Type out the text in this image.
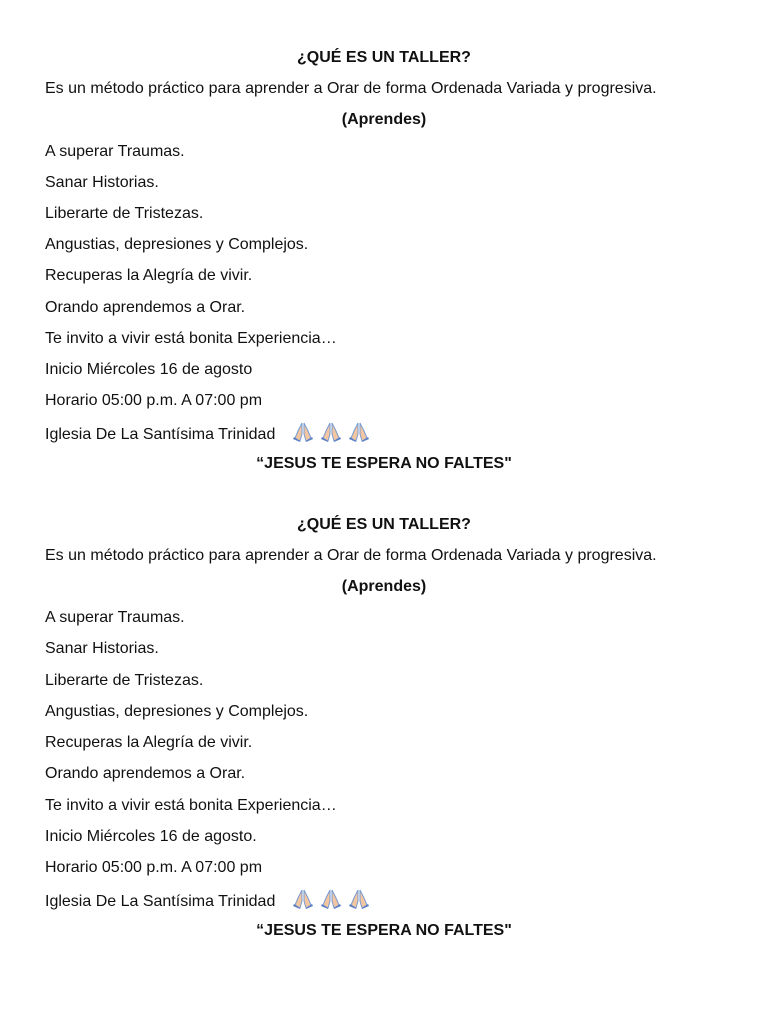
¿QUÉ ES UN TALLER?
Es un método práctico para aprender a Orar de forma Ordenada Variada y progresiva.
(Aprendes)
A superar Traumas.
Sanar Historias.
Liberarte de Tristezas.
Angustias, depresiones y Complejos.
Recuperas la Alegría de vivir.
Orando aprendemos a Orar.
Te invito a vivir está bonita Experiencia…
Inicio Miércoles 16 de agosto
Horario 05:00 p.m. A 07:00 pm
Iglesia De La Santísima Trinidad
“JESUS TE ESPERA NO FALTES"
¿QUÉ ES UN TALLER?
Es un método práctico para aprender a Orar de forma Ordenada Variada y progresiva.
(Aprendes)
A superar Traumas.
Sanar Historias.
Liberarte de Tristezas.
Angustias, depresiones y Complejos.
Recuperas la Alegría de vivir.
Orando aprendemos a Orar.
Te invito a vivir está bonita Experiencia…
Inicio Miércoles 16 de agosto.
Horario 05:00 p.m. A 07:00 pm
Iglesia De La Santísima Trinidad
“JESUS TE ESPERA NO FALTES"
